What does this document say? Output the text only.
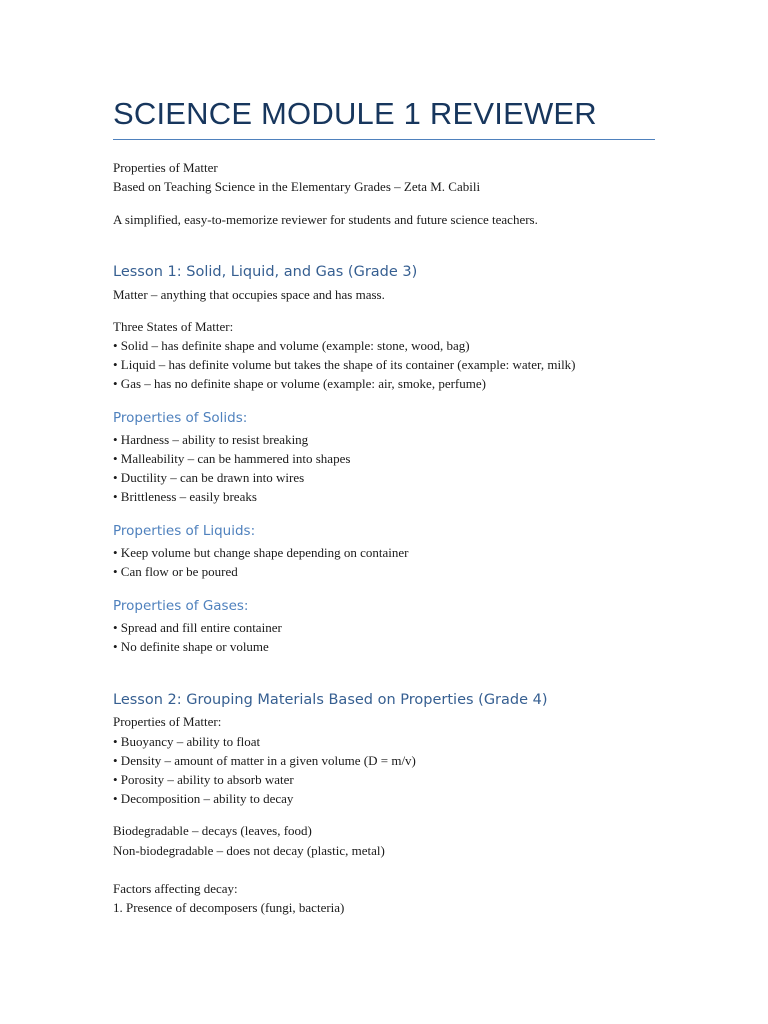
SCIENCE MODULE 1 REVIEWER
Properties of Matter
Based on Teaching Science in the Elementary Grades – Zeta M. Cabili
A simplified, easy-to-memorize reviewer for students and future science teachers.
Lesson 1: Solid, Liquid, and Gas (Grade 3)
Matter – anything that occupies space and has mass.
Three States of Matter:
• Solid – has definite shape and volume (example: stone, wood, bag)
• Liquid – has definite volume but takes the shape of its container (example: water, milk)
• Gas – has no definite shape or volume (example: air, smoke, perfume)
Properties of Solids:
• Hardness – ability to resist breaking
• Malleability – can be hammered into shapes
• Ductility – can be drawn into wires
• Brittleness – easily breaks
Properties of Liquids:
• Keep volume but change shape depending on container
• Can flow or be poured
Properties of Gases:
• Spread and fill entire container
• No definite shape or volume
Lesson 2: Grouping Materials Based on Properties (Grade 4)
Properties of Matter:
• Buoyancy – ability to float
• Density – amount of matter in a given volume (D = m/v)
• Porosity – ability to absorb water
• Decomposition – ability to decay
Biodegradable – decays (leaves, food)
Non-biodegradable – does not decay (plastic, metal)
Factors affecting decay:
1. Presence of decomposers (fungi, bacteria)
